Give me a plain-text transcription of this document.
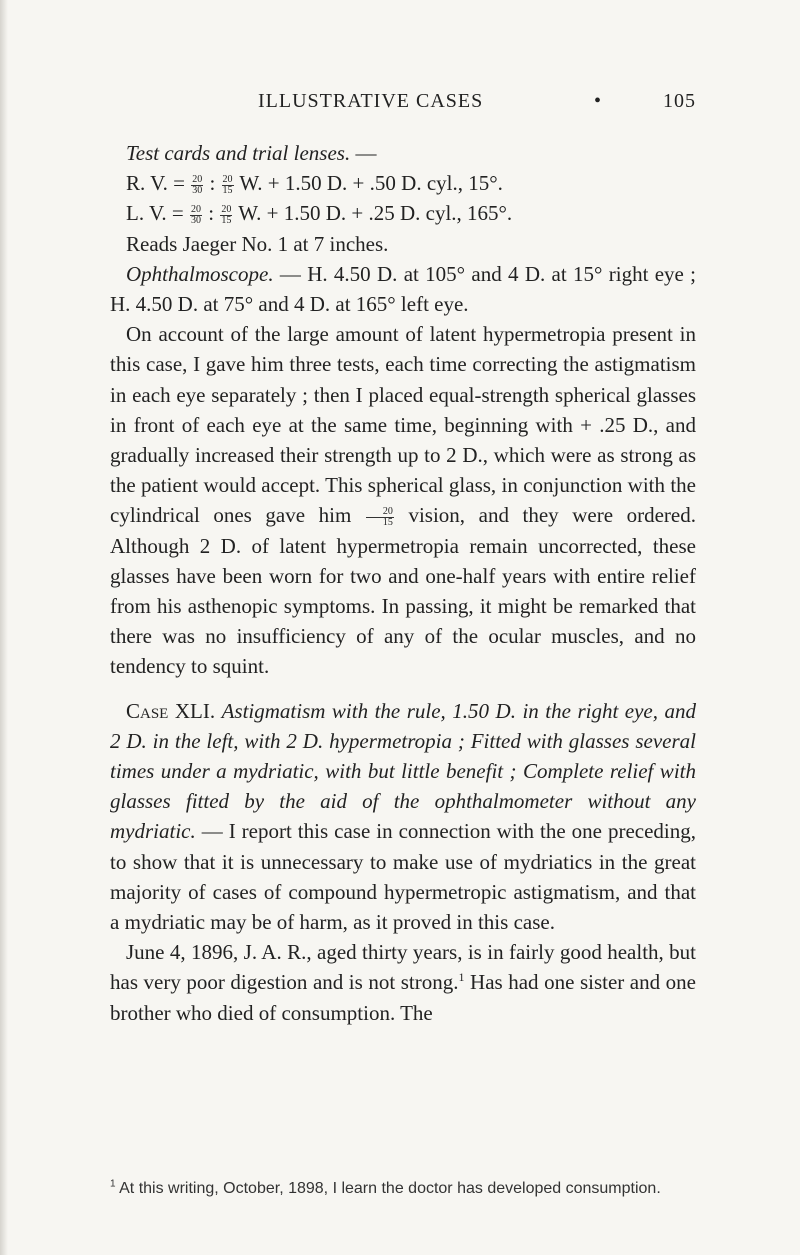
ILLUSTRATIVE CASES	•	105

Test cards and trial lenses. —

R. V. = $\frac{20}{30}$ : $\frac{20}{15} W$. + 1.50 D. + .50 D. cyl., 15°.

L. V. = $\frac{20}{30}$ : $\frac{20}{15} W$. + 1.50 D. + .25 D. cyl., 165°.

Reads Jaeger No. 1 at 7 inches.

Ophthalmoscope. — H. 4.50 D. at 105° and 4 D. at 15° right eye ; H. 4.50 D. at 75° and 4 D. at 165° left eye.

On account of the large amount of latent hypermetropia present in this case, I gave him three tests, each time correcting the astigmatism in each eye separately ; then I placed equal-strength spherical glasses in front of each eye at the same time, beginning with + .25 D., and gradually increased their strength up to 2 D., which were as strong as the patient would accept. This spherical glass, in conjunction with the cylindrical ones gave him $\frac{20}{15}$ vision, and they were ordered. Although 2 D. of latent hypermetropia remain uncorrected, these glasses have been worn for two and one-half years with entire relief from his asthenopic symptoms. In passing, it might be remarked that there was no insufficiency of any of the ocular muscles, and no tendency to squint.

Case XLI. Astigmatism with the rule, 1.50 D. in the right eye, and 2 D. in the left, with 2 D. hypermetropia ; Fitted with glasses several times under a mydriatic, with but little benefit ; Complete relief with glasses fitted by the aid of the ophthalmometer without any mydriatic. — I report this case in connection with the one preceding, to show that it is unnecessary to make use of mydriatics in the great majority of cases of compound hypermetropic astigmatism, and that a mydriatic may be of harm, as it proved in this case.

June 4, 1896, J. A. R., aged thirty years, is in fairly good health, but has very poor digestion and is not strong.$^1$ Has had one sister and one brother who died of consumption. The

$^1$ At this writing, October, 1898, I learn the doctor has developed consumption.
